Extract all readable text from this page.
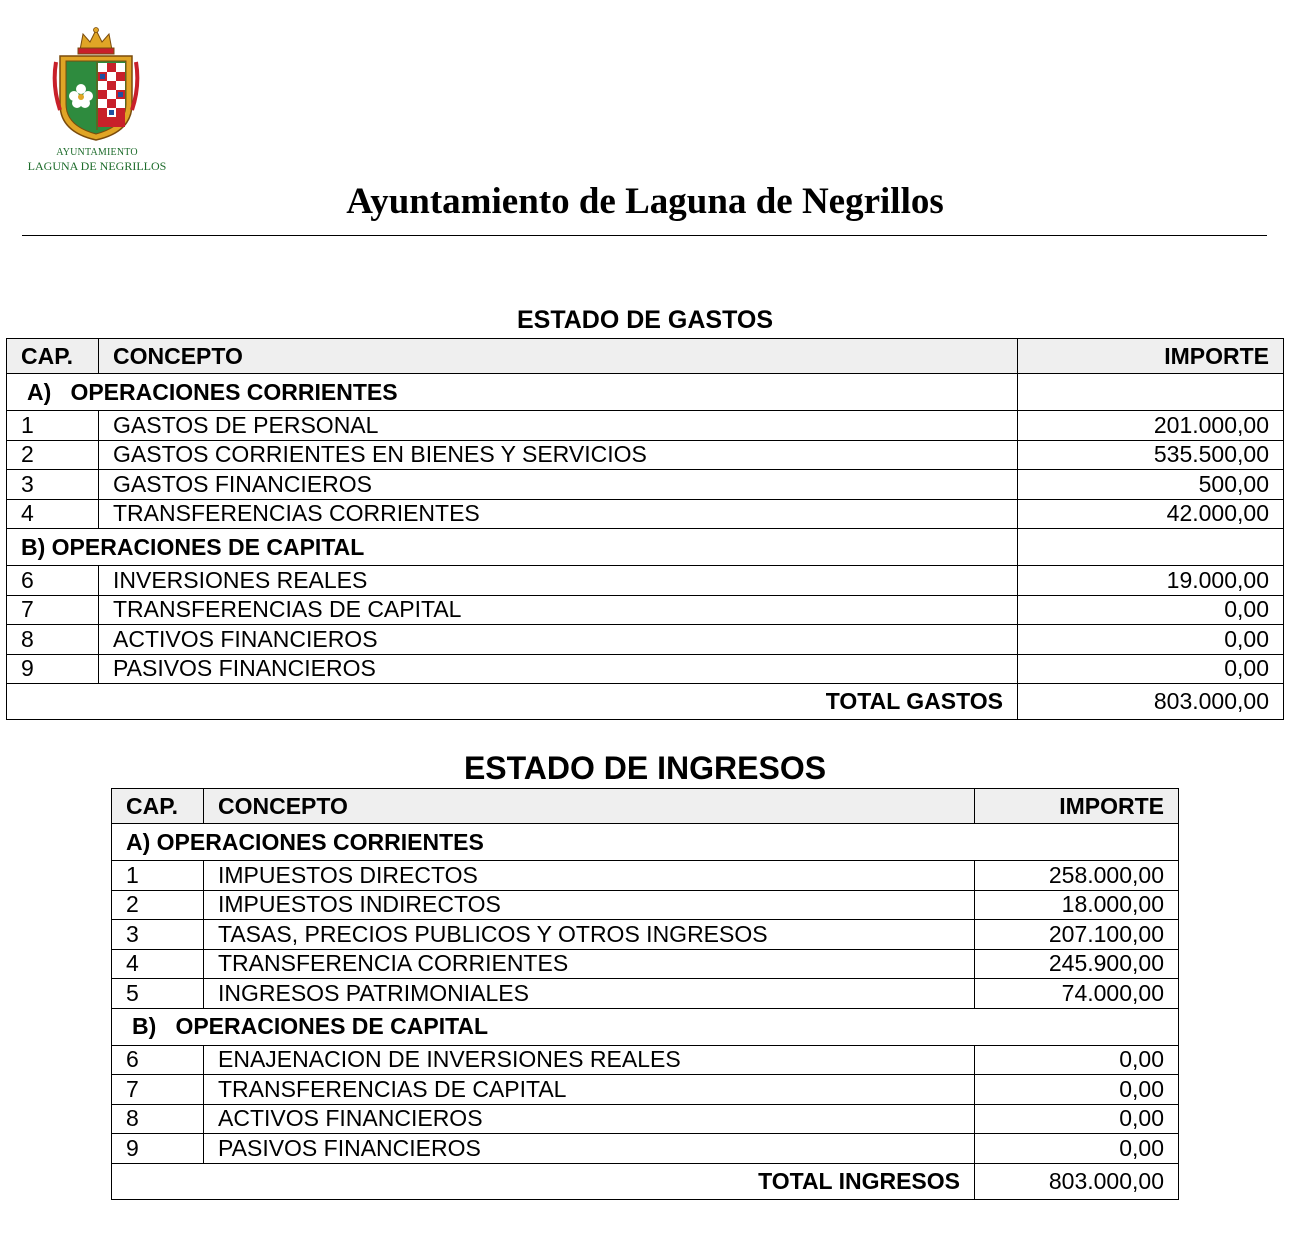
AYUNTAMIENTO
LAGUNA DE NEGRILLOS
Ayuntamiento de Laguna de Negrillos
ESTADO DE GASTOS
CAP.	CONCEPTO	IMPORTE
A)   OPERACIONES CORRIENTES		
1	GASTOS DE PERSONAL	201.000,00
2	GASTOS CORRIENTES EN BIENES Y SERVICIOS	535.500,00
3	GASTOS FINANCIEROS	500,00
4	TRANSFERENCIAS CORRIENTES	42.000,00
B) OPERACIONES DE CAPITAL		
6	INVERSIONES REALES	19.000,00
7	TRANSFERENCIAS DE CAPITAL	0,00
8	ACTIVOS FINANCIEROS	0,00
9	PASIVOS FINANCIEROS	0,00
TOTAL GASTOS		803.000,00
ESTADO DE INGRESOS
CAP.	CONCEPTO	IMPORTE
A) OPERACIONES CORRIENTES		
1	IMPUESTOS DIRECTOS	258.000,00
2	IMPUESTOS INDIRECTOS	18.000,00
3	TASAS, PRECIOS PUBLICOS Y OTROS INGRESOS	207.100,00
4	TRANSFERENCIA CORRIENTES	245.900,00
5	INGRESOS PATRIMONIALES	74.000,00
B)   OPERACIONES DE CAPITAL		
6	ENAJENACION DE INVERSIONES REALES	0,00
7	TRANSFERENCIAS DE CAPITAL	0,00
8	ACTIVOS FINANCIEROS	0,00
9	PASIVOS FINANCIEROS	0,00
TOTAL INGRESOS		803.000,00
